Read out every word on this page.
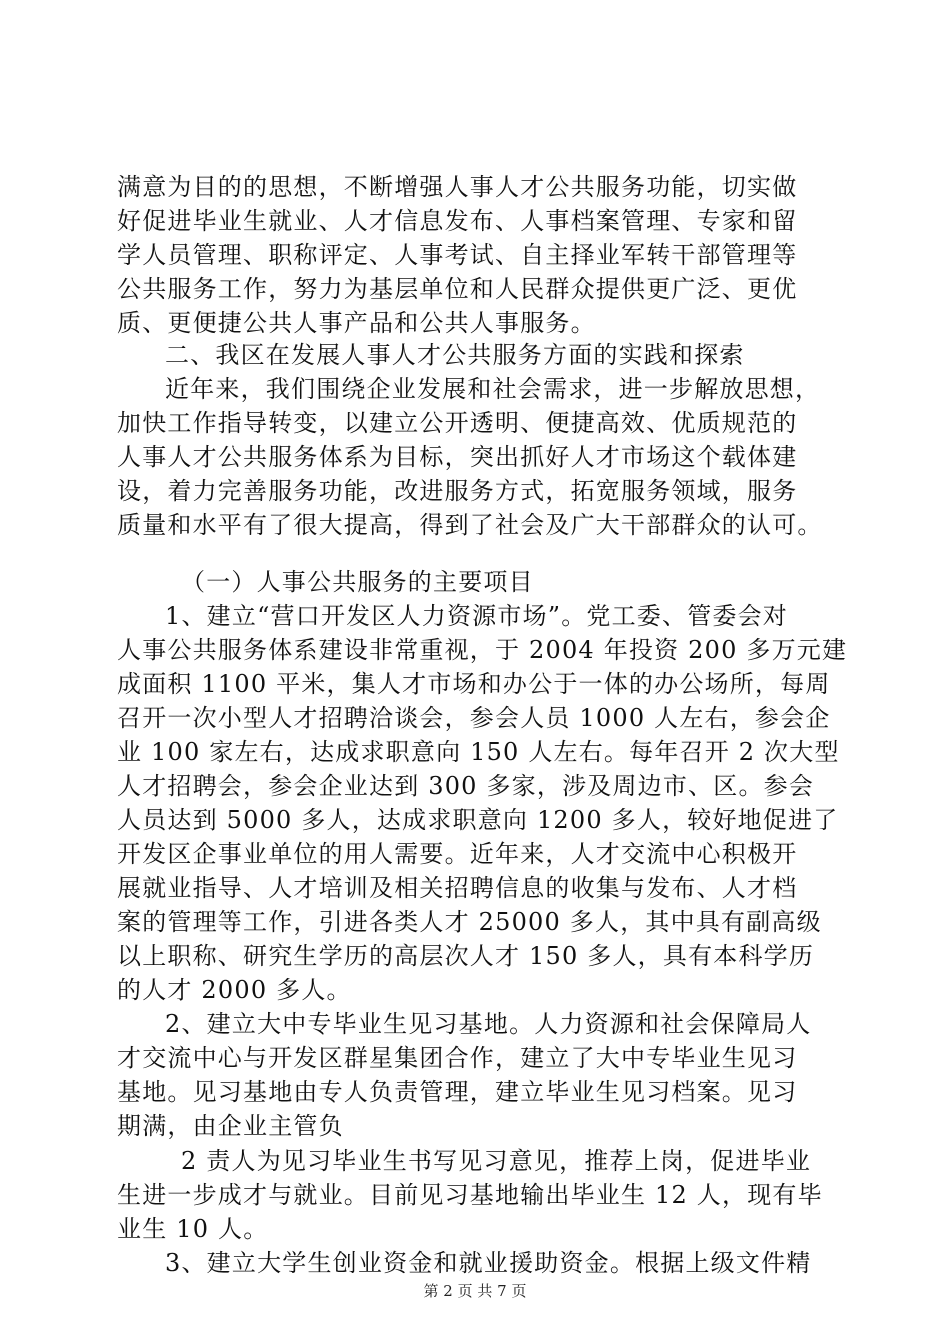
满意为目的的思想，不断增强人事人才公共服务功能，切实做
好促进毕业生就业、人才信息发布、人事档案管理、专家和留
学人员管理、职称评定、人事考试、自主择业军转干部管理等
公共服务工作，努力为基层单位和人民群众提供更广泛、更优
质、更便捷公共人事产品和公共人事服务。
二、我区在发展人事人才公共服务方面的实践和探索
近年来，我们围绕企业发展和社会需求，进一步解放思想，
加快工作指导转变，以建立公开透明、便捷高效、优质规范的
人事人才公共服务体系为目标，突出抓好人才市场这个载体建
设，着力完善服务功能，改进服务方式，拓宽服务领域，服务
质量和水平有了很大提高，得到了社会及广大干部群众的认可。
（一）人事公共服务的主要项目
1、建立“营口开发区人力资源市场”。党工委、管委会对
人事公共服务体系建设非常重视，于 2004 年投资 200 多万元建
成面积 1100 平米，集人才市场和办公于一体的办公场所，每周
召开一次小型人才招聘洽谈会，参会人员 1000 人左右，参会企
业 100 家左右，达成求职意向 150 人左右。每年召开 2 次大型
人才招聘会，参会企业达到 300 多家，涉及周边市、区。参会
人员达到 5000 多人，达成求职意向 1200 多人，较好地促进了
开发区企事业单位的用人需要。近年来，人才交流中心积极开
展就业指导、人才培训及相关招聘信息的收集与发布、人才档
案的管理等工作，引进各类人才 25000 多人，其中具有副高级
以上职称、研究生学历的高层次人才 150 多人，具有本科学历
的人才 2000 多人。
2、建立大中专毕业生见习基地。人力资源和社会保障局人
才交流中心与开发区群星集团合作，建立了大中专毕业生见习
基地。见习基地由专人负责管理，建立毕业生见习档案。见习
期满，由企业主管负
2 责人为见习毕业生书写见习意见，推荐上岗，促进毕业
生进一步成才与就业。目前见习基地输出毕业生 12 人，现有毕
业生 10 人。
第 2 页 共 7 页
3、建立大学生创业资金和就业援助资金。根据上级文件精
